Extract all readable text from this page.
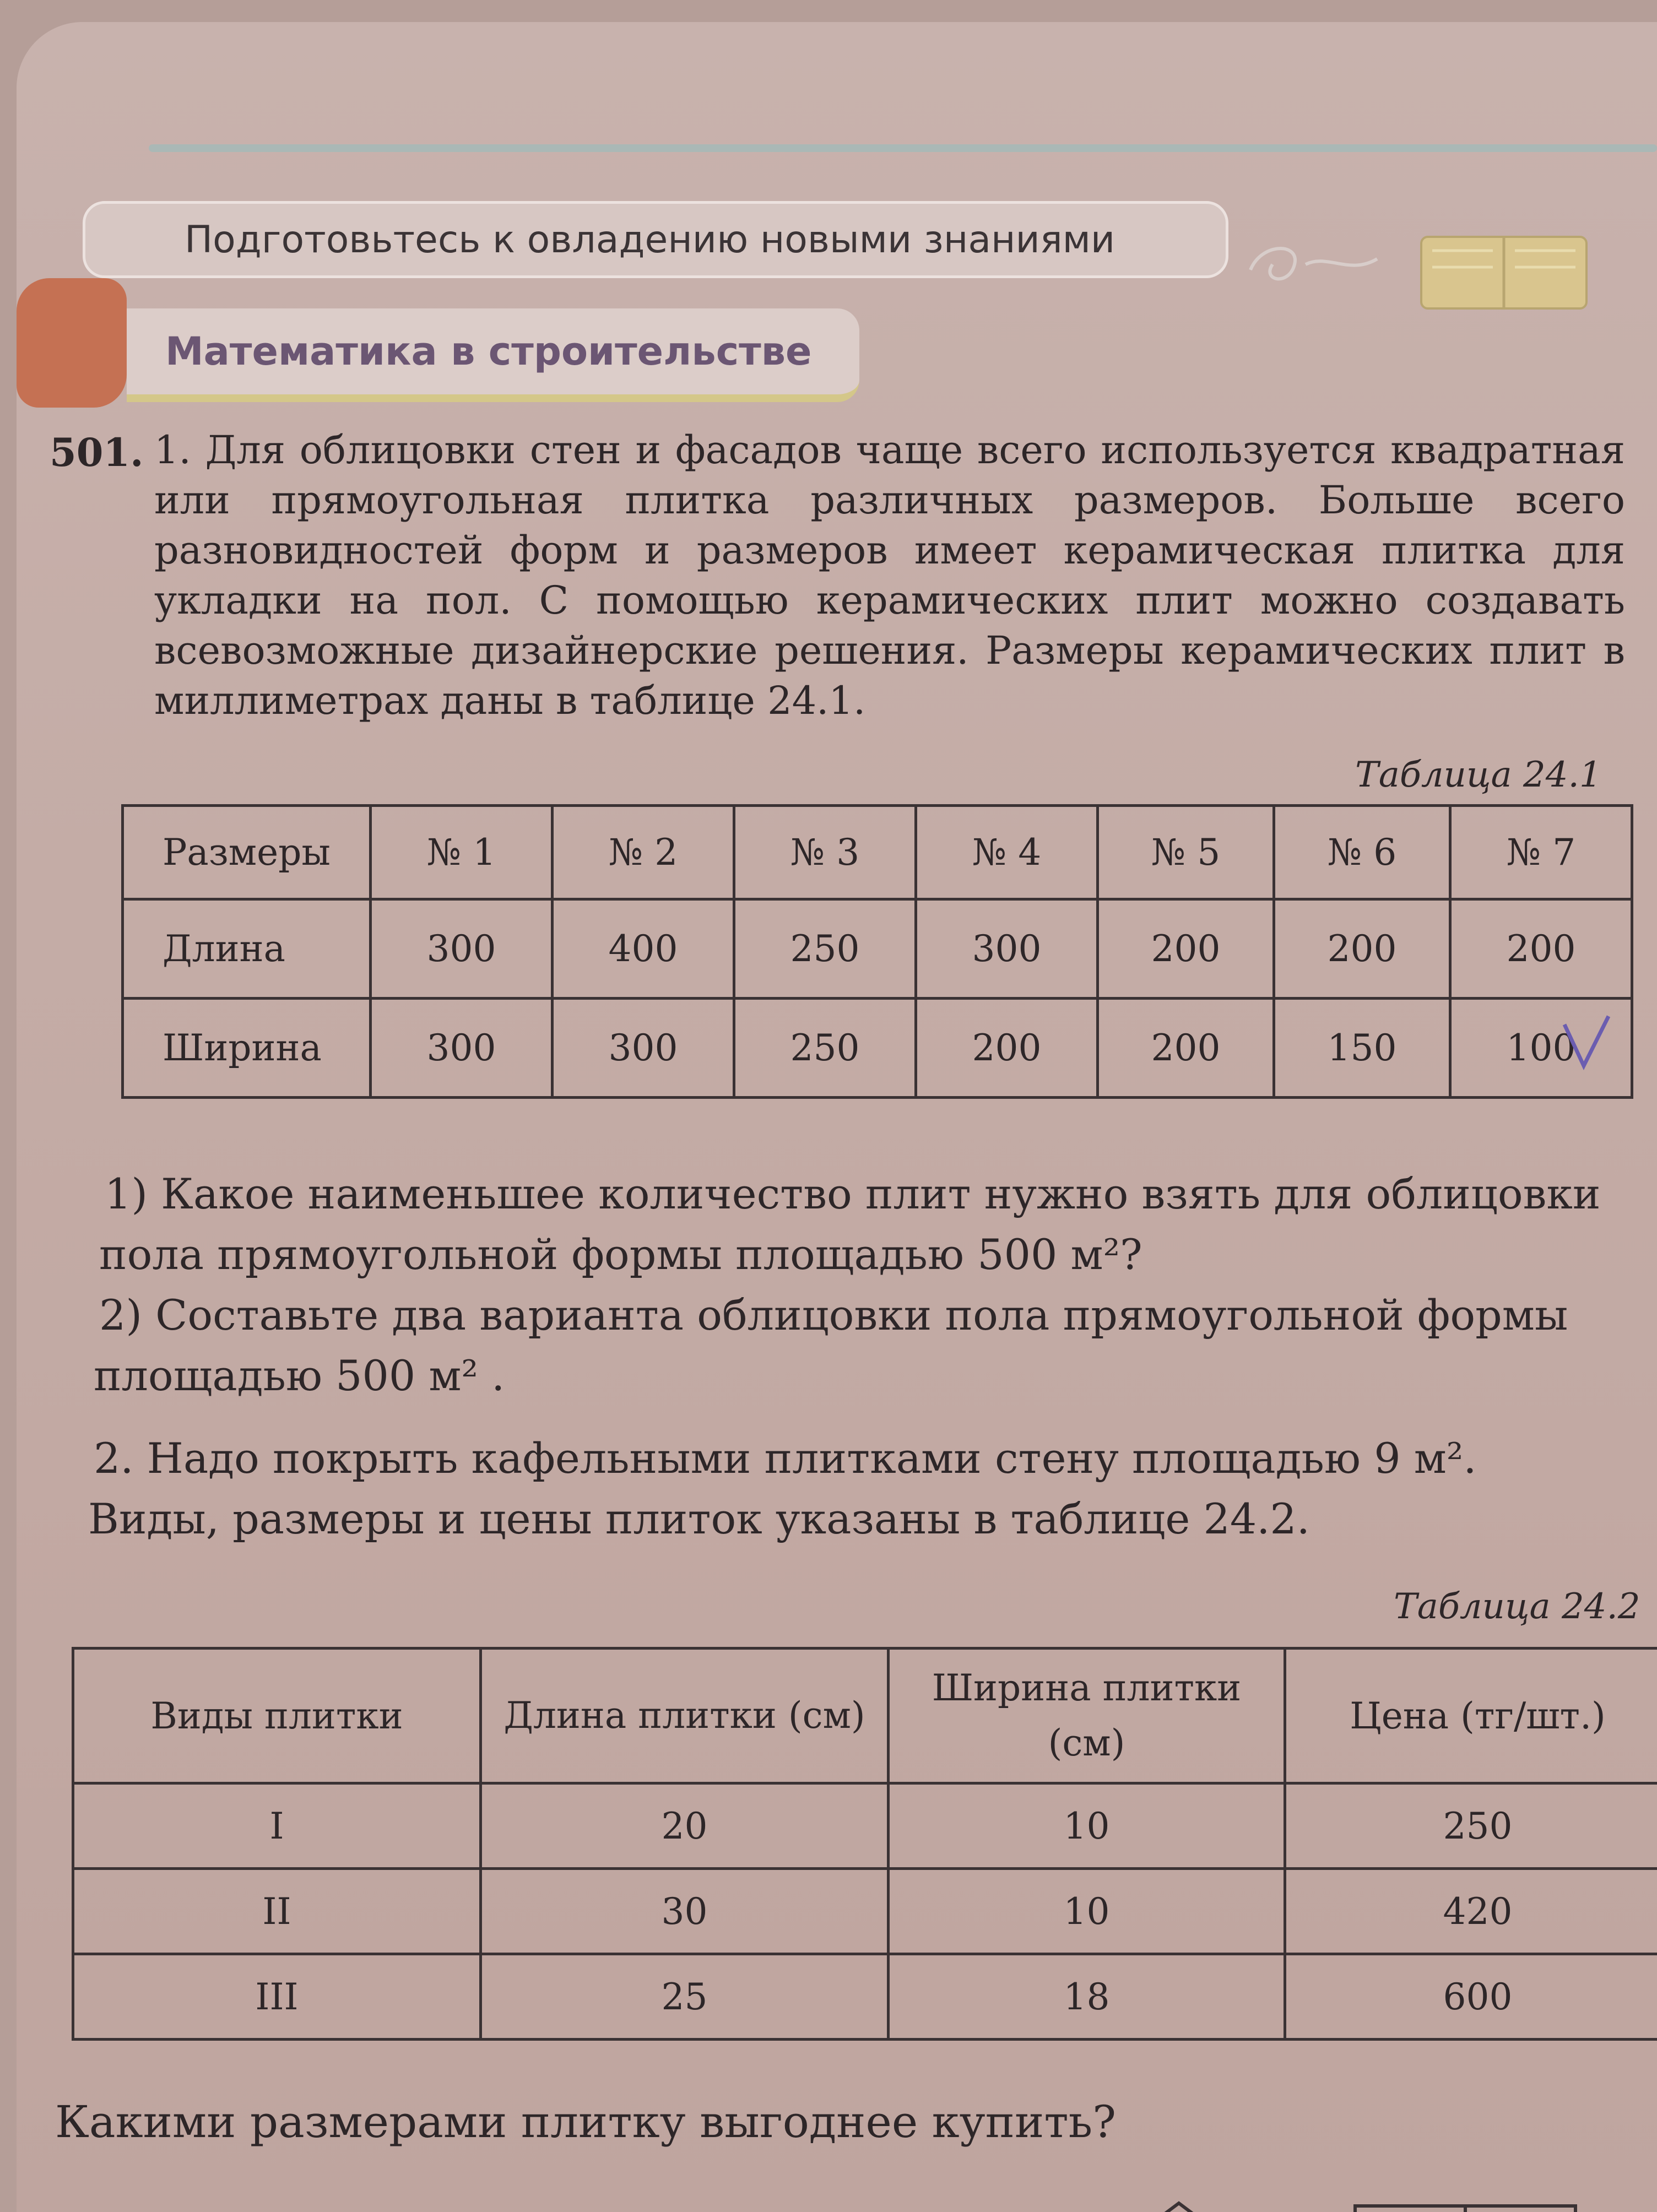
Подготовьтесь к овладению новыми знаниями
Математика в строительстве
501. 1. Для облицовки стен и фасадов чаще всего используется квадратная или прямоугольная плитка различных размеров. Больше всего разновидностей форм и размеров имеет керамическая плитка для укладки на пол. С помощью керамических плит можно создавать всевозможные дизайнерские решения. Размеры керамических плит в миллиметрах даны в таблице 24.1.
Таблица 24.1
Размеры	№ 1	№ 2	№ 3	№ 4	№ 5	№ 6	№ 7
Длина	300	400	250	300	200	200	200
Ширина	300	300	250	200	200	150	100
1) Какое наименьшее количество плит нужно взять для облицовки
пола прямоугольной формы площадью 500 м²?
2) Составьте два варианта облицовки пола прямоугольной формы
площадью 500 м² .
2. Надо покрыть кафельными плитками стену площадью 9 м².
Виды, размеры и цены плиток указаны в таблице 24.2.
Таблица 24.2
Виды плитки	Длина плитки (см)	Ширина плитки (см)	Цена (тг/шт.)
I	20	10	250
II	30	10	420
III	25	18	600
Какими размерами плитку выгоднее купить?
